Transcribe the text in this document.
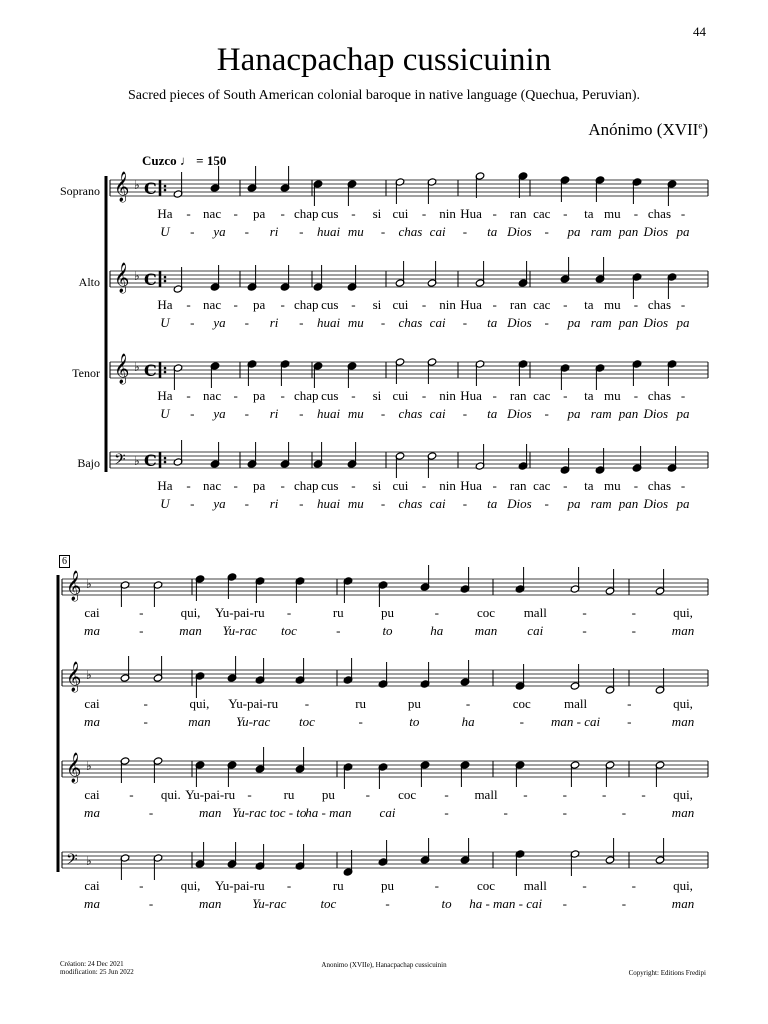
44
Hanacpachap cussicuinin
Sacred pieces of South American colonial baroque in native language (Quechua, Peruvian).
Anónimo (XVIIe)
Cuzco ♩ = 150
Soprano
Alto
Tenor
Bajo
6
𝄞 ♭ C
𝄞 ♭ C
𝄞 ♭ C
𝄢 ♭ C
𝄞 ♭
𝄞 ♭
𝄞 ♭
𝄢 ♭
Ha - nac - pa - chap cus - si cui - nin Hua - ran cac - ta mu - chas -
U - ya - ri - huai mu - chas cai - ta Dios - pa ram pan Dios pa
Ha - nac - pa - chap cus - si cui - nin Hua - ran cac - ta mu - chas -
U - ya - ri - huai mu - chas cai - ta Dios - pa ram pan Dios pa
Ha - nac - pa - chap cus - si cui - nin Hua - ran cac - ta mu - chas -
U - ya - ri - huai mu - chas cai - ta Dios - pa ram pan Dios pa
Ha - nac - pa - chap cus - si cui - nin Hua - ran cac - ta mu - chas -
U - ya - ri - huai mu - chas cai - ta Dios - pa ram pan Dios pa
cai	-	qui, Yu-pai-ru -	ru	pu	-	coc mall	-	-	qui,
ma	-	man Yu-rac toc	-	to	ha man cai	-	-	man
cai	-	qui, Yu-pai-ru -	ru	pu	-	coc	mall	-	qui,
ma	-	man Yu-rac toc	-	to	ha	- man - cai -	man
cai - qui. Yu-pai-ru - ru pu - coc - mall -	-	-	- qui,
ma	-	man Yu-rac toc - to
ha - man cai	-	-	-	-	man
cai	-	qui, Yu-pai-ru -	ru	pu	-	coc mall	-	-	qui,
ma	-	man Yu-rac	toc	-	to ha - man - cai -	-	man
Création: 24 Dec 2021
modification: 25 Jun 2022
Anonimo (XVIIe), Hanacpachap cussicuinin
Copyright: Editions Fredipi
